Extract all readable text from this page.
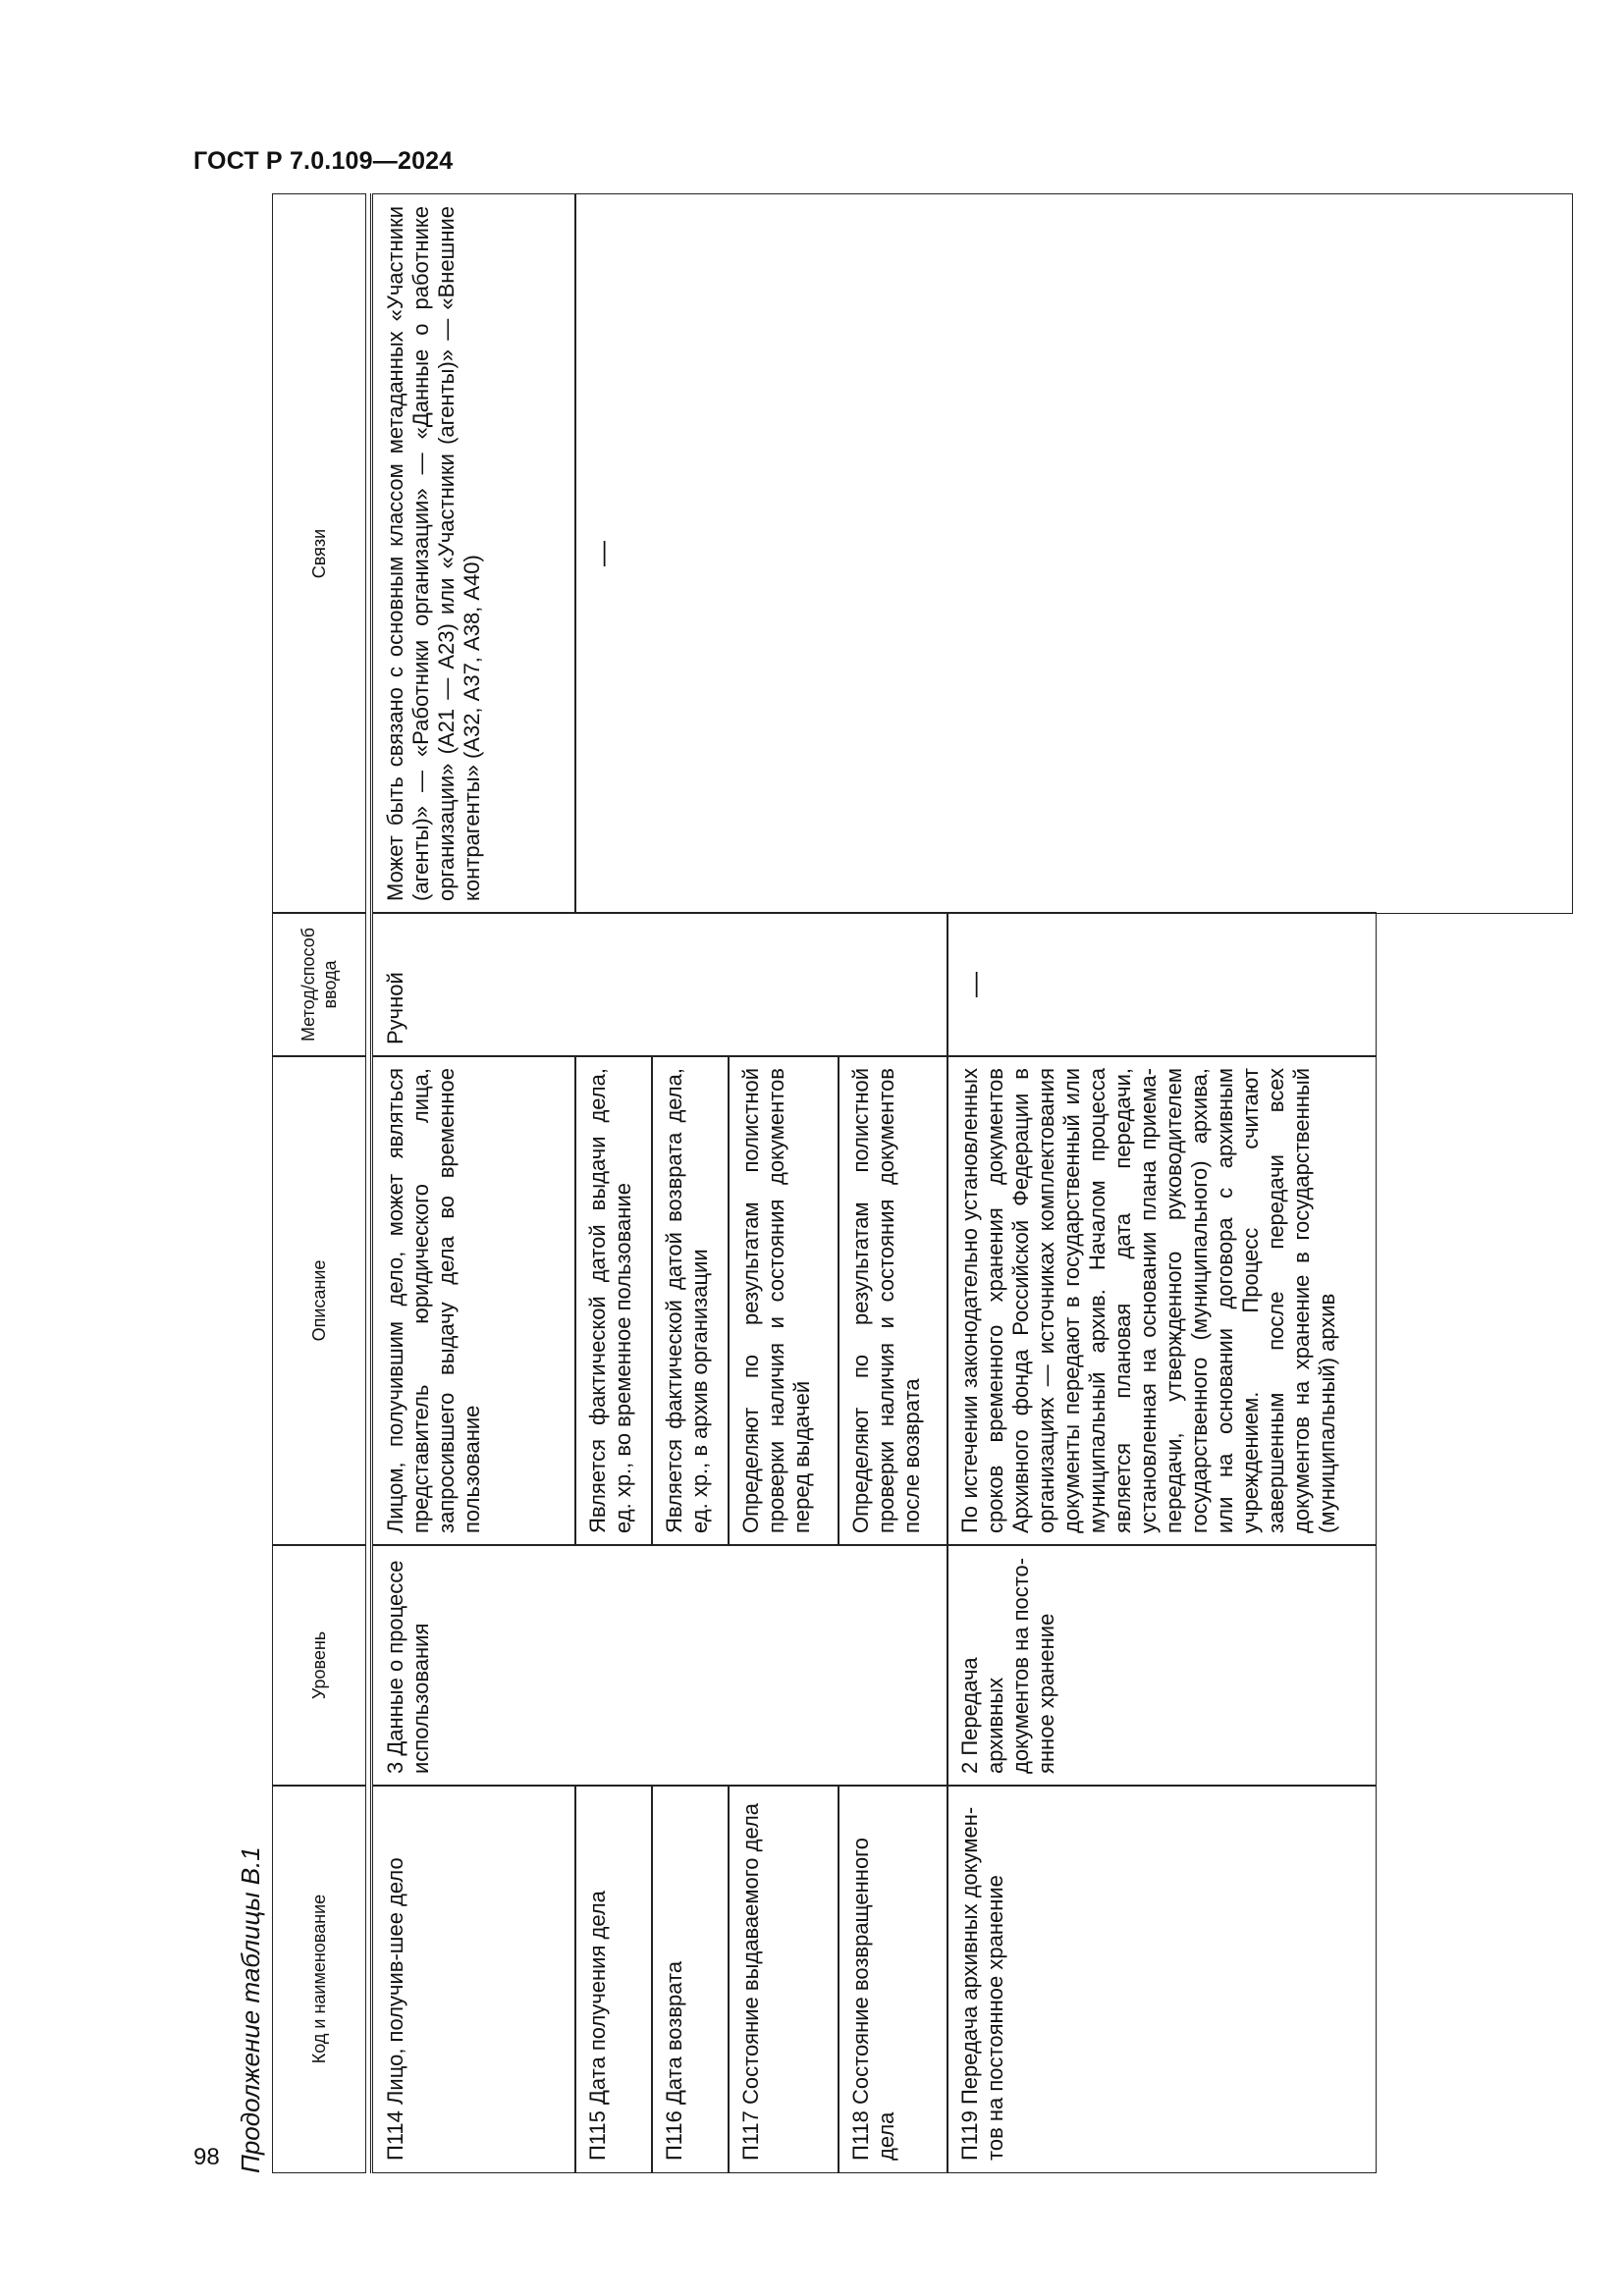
ГОСТ Р 7.0.109—2024
98 Продолжение таблицы В.1	Код и наименование
Уровень
Описание
Метод/способ ввода
Связи
П114 Лицо, получив-шее дело
3 Данные о процессе использования
Лицом, получившим дело, может являться представитель юридического лица, запросившего выдачу дела во временное пользование
Ручной
Может быть связано с основным классом метаданных «Участники (агенты)» — «Работники организации» — «Данные о работнике организации» (А21 — А23) или «Участники (агенты)» — «Внешние контрагенты» (А32, А37, А38, А40)
П115 Дата получения дела
Является фактической датой выдачи дела, ед. хр., во временное пользование
—
П116 Дата возврата
Является фактической датой возврата дела, ед. хр., в архив организации
П117 Состояние выдаваемого дела
Определяют по результатам полистной проверки наличия и состояния документов перед выдачей
П118 Состояние возвращенного дела
Определяют по результатам полистной проверки наличия и состояния документов после возврата
П119 Передача архивных докумен-тов на постоянное хранение
2 Передача архивных документов на посто-янное хранение
По истечении законодательно установленных сроков временного хранения документов Архивного фонда Российской Федерации в организациях — источниках комплектования документы передают в государственный или муниципальный архив. Началом процесса является плановая дата передачи, установленная на основании плана приема-передачи, утвержденного руководителем государственного (муниципального) архива, или на основании договора с архивным учреждением. Процесс считают завершенным после передачи всех документов на хранение в государственный (муниципальный) архив
—
